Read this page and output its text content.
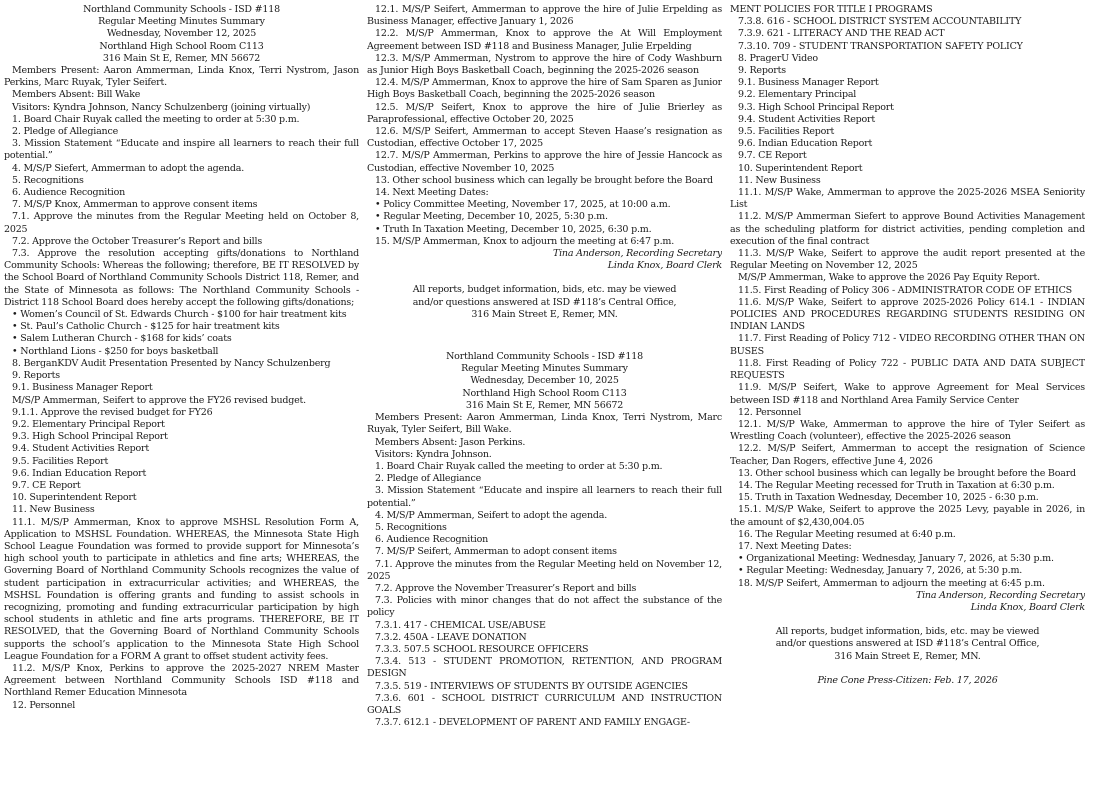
Northland Community Schools - ISD #118

Regular Meeting Minutes Summary

Wednesday, November 12, 2025

Northland High School Room C113

316 Main St E, Remer, MN 56672

Members Present: Aaron Ammerman, Linda Knox, Terri Nystrom, Jason Perkins, Marc Ruyak, Tyler Seifert.

Members Absent: Bill Wake

Visitors: Kyndra Johnson, Nancy Schulzenberg (joining virtually)

1. Board Chair Ruyak called the meeting to order at 5:30 p.m.

2. Pledge of Allegiance

3. Mission Statement “Educate and inspire all learners to reach their full potential.”

4. M/S/P Siefert, Ammerman to adopt the agenda.

5. Recognitions

6. Audience Recognition

7. M/S/P Knox, Ammerman to approve consent items

7.1. Approve the minutes from the Regular Meeting held on October 8, 2025

7.2. Approve the October Treasurer’s Report and bills

7.3. Approve the resolution accepting gifts/donations to Northland Community Schools: Whereas the following; therefore, BE IT RESOLVED by the School Board of Northland Community Schools District 118, Remer, and the State of Minnesota as follows: The Northland Community Schools - District 118 School Board does hereby accept the following gifts/donations;

• Women’s Council of St. Edwards Church - $100 for hair treatment kits

• St. Paul’s Catholic Church - $125 for hair treatment kits

• Salem Lutheran Church - $168 for kids’ coats

• Northland Lions - $250 for boys basketball

8. BerganKDV Audit Presentation Presented by Nancy Schulzenberg

9. Reports

9.1. Business Manager Report

M/S/P Ammerman, Seifert to approve the FY26 revised budget.

9.1.1. Approve the revised budget for FY26

9.2. Elementary Principal Report

9.3. High School Principal Report

9.4. Student Activities Report

9.5. Facilities Report

9.6. Indian Education Report

9.7. CE Report

10. Superintendent Report

11. New Business

11.1. M/S/P Ammerman, Knox to approve MSHSL Resolution Form A, Application to MSHSL Foundation. WHEREAS, the Minnesota State High School League Foundation was formed to provide support for Minnesota’s high school youth to participate in athletics and fine arts; WHEREAS, the Governing Board of Northland Community Schools recognizes the value of student participation in extracurricular activities; and WHEREAS, the MSHSL Foundation is offering grants and funding to assist schools in recognizing, promoting and funding extracurricular participation by high school students in athletic and fine arts programs. THEREFORE, BE IT RESOLVED, that the Governing Board of Northland Community Schools supports the school’s application to the Minnesota State High School League Foundation for a FORM A grant to offset student activity fees.

11.2. M/S/P Knox, Perkins to approve the 2025-2027 NREM Master Agreement between Northland Community Schools ISD #118 and Northland Remer Education Minnesota

12. Personnel

12.1. M/S/P Seifert, Ammerman to approve the hire of Julie Erpelding as Business Manager, effective January 1, 2026

12.2. M/S/P Ammerman, Knox to approve the At Will Employment Agreement between ISD #118 and Business Manager, Julie Erpelding

12.3. M/S/P Ammerman, Nystrom to approve the hire of Cody Washburn as Junior High Boys Basketball Coach, beginning the 2025-2026 season

12.4. M/S/P Ammerman, Knox to approve the hire of Sam Sparen as Junior High Boys Basketball Coach, beginning the 2025-2026 season

12.5. M/S/P Seifert, Knox to approve the hire of Julie Brierley as Paraprofessional, effective October 20, 2025

12.6. M/S/P Seifert, Ammerman to accept Steven Haase’s resignation as Custodian, effective October 17, 2025

12.7. M/S/P Ammerman, Perkins to approve the hire of Jessie Hancock as Custodian, effective November 10, 2025

13. Other school business which can legally be brought before the Board

14. Next Meeting Dates:

• Policy Committee Meeting, November 17, 2025, at 10:00 a.m.

• Regular Meeting, December 10, 2025, 5:30 p.m.

• Truth In Taxation Meeting, December 10, 2025, 6:30 p.m.

15. M/S/P Ammerman, Knox to adjourn the meeting at 6:47 p.m.

Tina Anderson, Recording Secretary

Linda Knox, Board Clerk

All reports, budget information, bids, etc. may be viewed

and/or questions answered at ISD #118’s Central Office,

316 Main Street E, Remer, MN.

Northland Community Schools - ISD #118

Regular Meeting Minutes Summary

Wednesday, December 10, 2025

Northland High School Room C113

316 Main St E, Remer, MN 56672

Members Present: Aaron Ammerman, Linda Knox, Terri Nystrom, Marc Ruyak, Tyler Seifert, Bill Wake.

Members Absent: Jason Perkins.

Visitors: Kyndra Johnson.

1. Board Chair Ruyak called the meeting to order at 5:30 p.m.

2. Pledge of Allegiance

3. Mission Statement “Educate and inspire all learners to reach their full potential.”

4. M/S/P Ammerman, Seifert to adopt the agenda.

5. Recognitions

6. Audience Recognition

7. M/S/P Seifert, Ammerman to adopt consent items

7.1. Approve the minutes from the Regular Meeting held on November 12, 2025

7.2. Approve the November Treasurer’s Report and bills

7.3. Policies with minor changes that do not affect the substance of the policy

7.3.1. 417 - CHEMICAL USE/ABUSE

7.3.2. 450A - LEAVE DONATION

7.3.3. 507.5 SCHOOL RESOURCE OFFICERS

7.3.4. 513 - STUDENT PROMOTION, RETENTION, AND PROGRAM DESIGN

7.3.5. 519 - INTERVIEWS OF STUDENTS BY OUTSIDE AGENCIES

7.3.6. 601 - SCHOOL DISTRICT CURRICULUM AND INSTRUCTION GOALS

7.3.7. 612.1 - DEVELOPMENT OF PARENT AND FAMILY ENGAGE-

MENT POLICIES FOR TITLE I PROGRAMS

7.3.8. 616 - SCHOOL DISTRICT SYSTEM ACCOUNTABILITY

7.3.9. 621 - LITERACY AND THE READ ACT

7.3.10. 709 - STUDENT TRANSPORTATION SAFETY POLICY

8. PragerU Video

9. Reports

9.1. Business Manager Report

9.2. Elementary Principal

9.3. High School Principal Report

9.4. Student Activities Report

9.5. Facilities Report

9.6. Indian Education Report

9.7. CE Report

10. Superintendent Report

11. New Business

11.1. M/S/P Wake, Ammerman to approve the 2025-2026 MSEA Seniority List

11.2. M/S/P Ammerman Siefert to approve Bound Activities Management as the scheduling platform for district activities, pending completion and execution of the final contract

11.3. M/S/P Wake, Seifert to approve the audit report presented at the Regular Meeting on November 12, 2025

M/S/P Ammerman, Wake to approve the 2026 Pay Equity Report.

11.5. First Reading of Policy 306 - ADMINISTRATOR CODE OF ETHICS

11.6. M/S/P Wake, Seifert to approve 2025-2026 Policy 614.1 - INDIAN POLICIES AND PROCEDURES REGARDING STUDENTS RESIDING ON INDIAN LANDS

11.7. First Reading of Policy 712 - VIDEO RECORDING OTHER THAN ON BUSES

11.8. First Reading of Policy 722 - PUBLIC DATA AND DATA SUBJECT REQUESTS

11.9. M/S/P Seifert, Wake to approve Agreement for Meal Services between ISD #118 and Northland Area Family Service Center

12. Personnel

12.1. M/S/P Wake, Ammerman to approve the hire of Tyler Seifert as Wrestling Coach (volunteer), effective the 2025-2026 season

12.2. M/S/P Seifert, Ammerman to accept the resignation of Science Teacher, Dan Rogers, effective June 4, 2026

13. Other school business which can legally be brought before the Board

14. The Regular Meeting recessed for Truth in Taxation at 6:30 p.m.

15. Truth in Taxation Wednesday, December 10, 2025 - 6:30 p.m.

15.1. M/S/P Wake, Seifert to approve the 2025 Levy, payable in 2026, in the amount of $2,430,004.05

16. The Regular Meeting resumed at 6:40 p.m.

17. Next Meeting Dates:

• Organizational Meeting: Wednesday, January 7, 2026, at 5:30 p.m.

• Regular Meeting: Wednesday, January 7, 2026, at 5:30 p.m.

18. M/S/P Seifert, Ammerman to adjourn the meeting at 6:45 p.m.

Tina Anderson, Recording Secretary

Linda Knox, Board Clerk

All reports, budget information, bids, etc. may be viewed

and/or questions answered at ISD #118’s Central Office,

316 Main Street E, Remer, MN.

Pine Cone Press-Citizen: Feb. 17, 2026
